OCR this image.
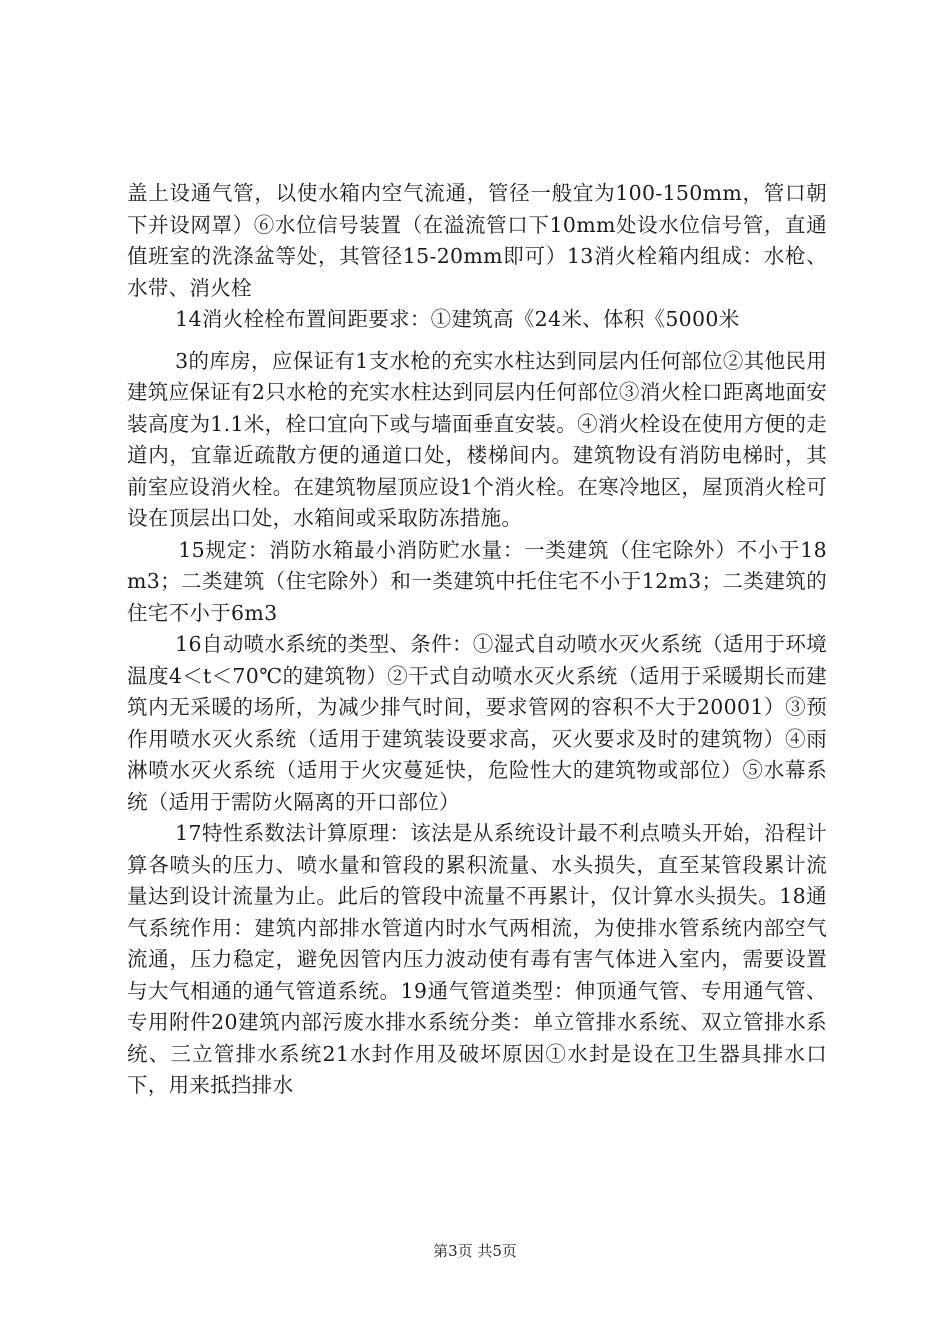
盖上设通气管，以使水箱内空气流通，管径一般宜为100-150mm，管口朝下并设网罩）⑥水位信号装置（在溢流管口下10mm处设水位信号管，直通值班室的洗涤盆等处，其管径15-20mm即可）13消火栓箱内组成：水枪、水带、消火栓

14消火栓栓布置间距要求：①建筑高《24米、体积《5000米

3的库房，应保证有1支水枪的充实水柱达到同层内任何部位②其他民用建筑应保证有2只水枪的充实水柱达到同层内任何部位③消火栓口距离地面安装高度为1.1米，栓口宜向下或与墙面垂直安装。④消火栓设在使用方便的走道内，宜靠近疏散方便的通道口处，楼梯间内。建筑物设有消防电梯时，其前室应设消火栓。在建筑物屋顶应设1个消火栓。在寒冷地区，屋顶消火栓可设在顶层出口处，水箱间或采取防冻措施。

15规定：消防水箱最小消防贮水量：一类建筑（住宅除外）不小于18m3；二类建筑（住宅除外）和一类建筑中托住宅不小于12m3；二类建筑的住宅不小于6m3

16自动喷水系统的类型、条件：①湿式自动喷水灭火系统（适用于环境温度4＜t＜70℃的建筑物）②干式自动喷水灭火系统（适用于采暖期长而建筑内无采暖的场所，为减少排气时间，要求管网的容积不大于20001）③预作用喷水灭火系统（适用于建筑装设要求高，灭火要求及时的建筑物）④雨淋喷水灭火系统（适用于火灾蔓延快，危险性大的建筑物或部位）⑤水幕系统（适用于需防火隔离的开口部位）

17特性系数法计算原理：该法是从系统设计最不利点喷头开始，沿程计算各喷头的压力、喷水量和管段的累积流量、水头损失，直至某管段累计流量达到设计流量为止。此后的管段中流量不再累计，仅计算水头损失。18通气系统作用：建筑内部排水管道内时水气两相流，为使排水管系统内部空气流通，压力稳定，避免因管内压力波动使有毒有害气体进入室内，需要设置与大气相通的通气管道系统。19通气管道类型：伸顶通气管、专用通气管、专用附件20建筑内部污废水排水系统分类：单立管排水系统、双立管排水系统、三立管排水系统21水封作用及破坏原因①水封是设在卫生器具排水口下，用来抵挡排水

第3页 共5页
